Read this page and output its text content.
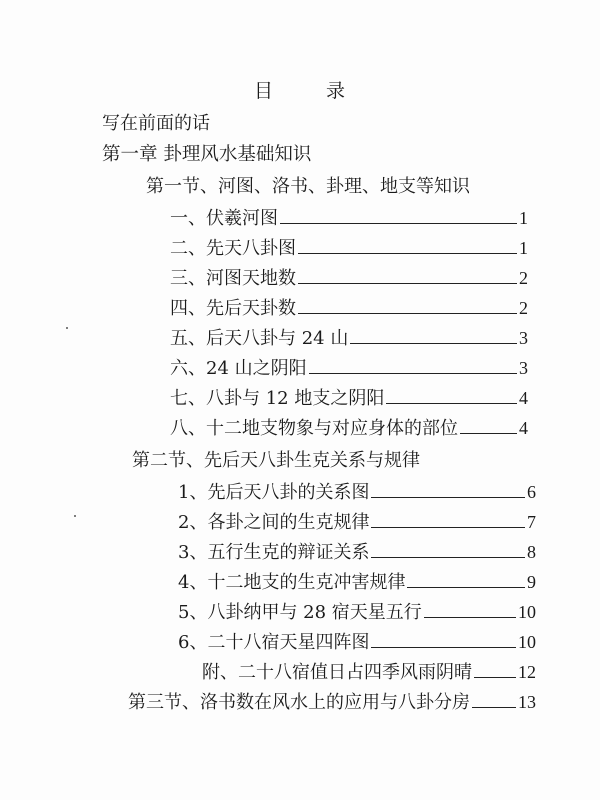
目	录
写在前面的话
第一章 卦理风水基础知识
第一节、河图、洛书、卦理、地支等知识
一、伏羲河图	1
二、先天八卦图	1
三、河图天地数	2
四、先后天卦数	2
五、后天八卦与 24 山	3
六、24 山之阴阳	3
七、八卦与 12 地支之阴阳	4
八、十二地支物象与对应身体的部位	4
第二节、先后天八卦生克关系与规律
1、先后天八卦的关系图	6
2、各卦之间的生克规律	7
3、五行生克的辩证关系	8
4、十二地支的生克冲害规律	9
5、八卦纳甲与 28 宿天星五行	10
6、二十八宿天星四阵图	10
附、二十八宿值日占四季风雨阴晴	12
第三节、洛书数在风水上的应用与八卦分房	13
